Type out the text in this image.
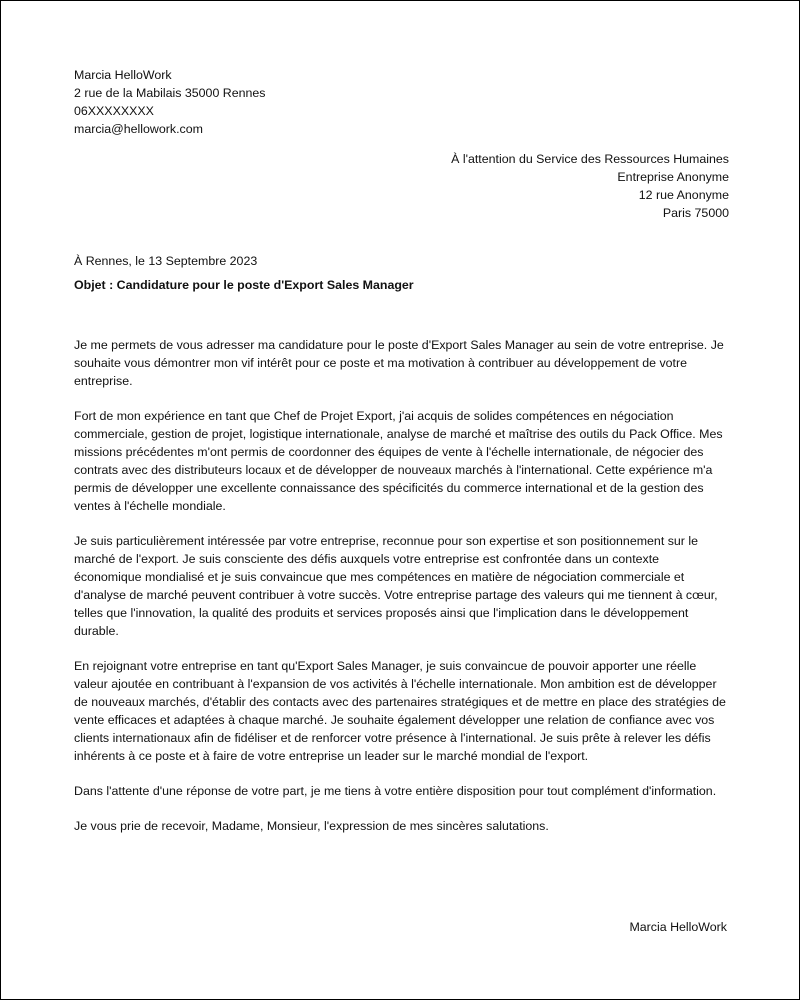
Marcia HelloWork
2 rue de la Mabilais 35000 Rennes
06XXXXXXXX
marcia@hellowork.com
À l'attention du Service des Ressources Humaines
Entreprise Anonyme
12 rue Anonyme
Paris 75000
À Rennes, le 13 Septembre 2023
Objet : Candidature pour le poste d'Export Sales Manager

Je me permets de vous adresser ma candidature pour le poste d'Export Sales Manager au sein de votre entreprise. Je souhaite vous démontrer mon vif intérêt pour ce poste et ma motivation à contribuer au développement de votre entreprise.

Fort de mon expérience en tant que Chef de Projet Export, j'ai acquis de solides compétences en négociation commerciale, gestion de projet, logistique internationale, analyse de marché et maîtrise des outils du Pack Office. Mes missions précédentes m'ont permis de coordonner des équipes de vente à l'échelle internationale, de négocier des contrats avec des distributeurs locaux et de développer de nouveaux marchés à l'international. Cette expérience m'a permis de développer une excellente connaissance des spécificités du commerce international et de la gestion des ventes à l'échelle mondiale.

Je suis particulièrement intéressée par votre entreprise, reconnue pour son expertise et son positionnement sur le marché de l'export. Je suis consciente des défis auxquels votre entreprise est confrontée dans un contexte économique mondialisé et je suis convaincue que mes compétences en matière de négociation commerciale et d'analyse de marché peuvent contribuer à votre succès. Votre entreprise partage des valeurs qui me tiennent à cœur, telles que l'innovation, la qualité des produits et services proposés ainsi que l'implication dans le développement durable.

En rejoignant votre entreprise en tant qu'Export Sales Manager, je suis convaincue de pouvoir apporter une réelle valeur ajoutée en contribuant à l'expansion de vos activités à l'échelle internationale. Mon ambition est de développer de nouveaux marchés, d'établir des contacts avec des partenaires stratégiques et de mettre en place des stratégies de vente efficaces et adaptées à chaque marché. Je souhaite également développer une relation de confiance avec vos clients internationaux afin de fidéliser et de renforcer votre présence à l'international. Je suis prête à relever les défis inhérents à ce poste et à faire de votre entreprise un leader sur le marché mondial de l'export.

Dans l'attente d'une réponse de votre part, je me tiens à votre entière disposition pour tout complément d'information.

Je vous prie de recevoir, Madame, Monsieur, l'expression de mes sincères salutations.

Marcia HelloWork
